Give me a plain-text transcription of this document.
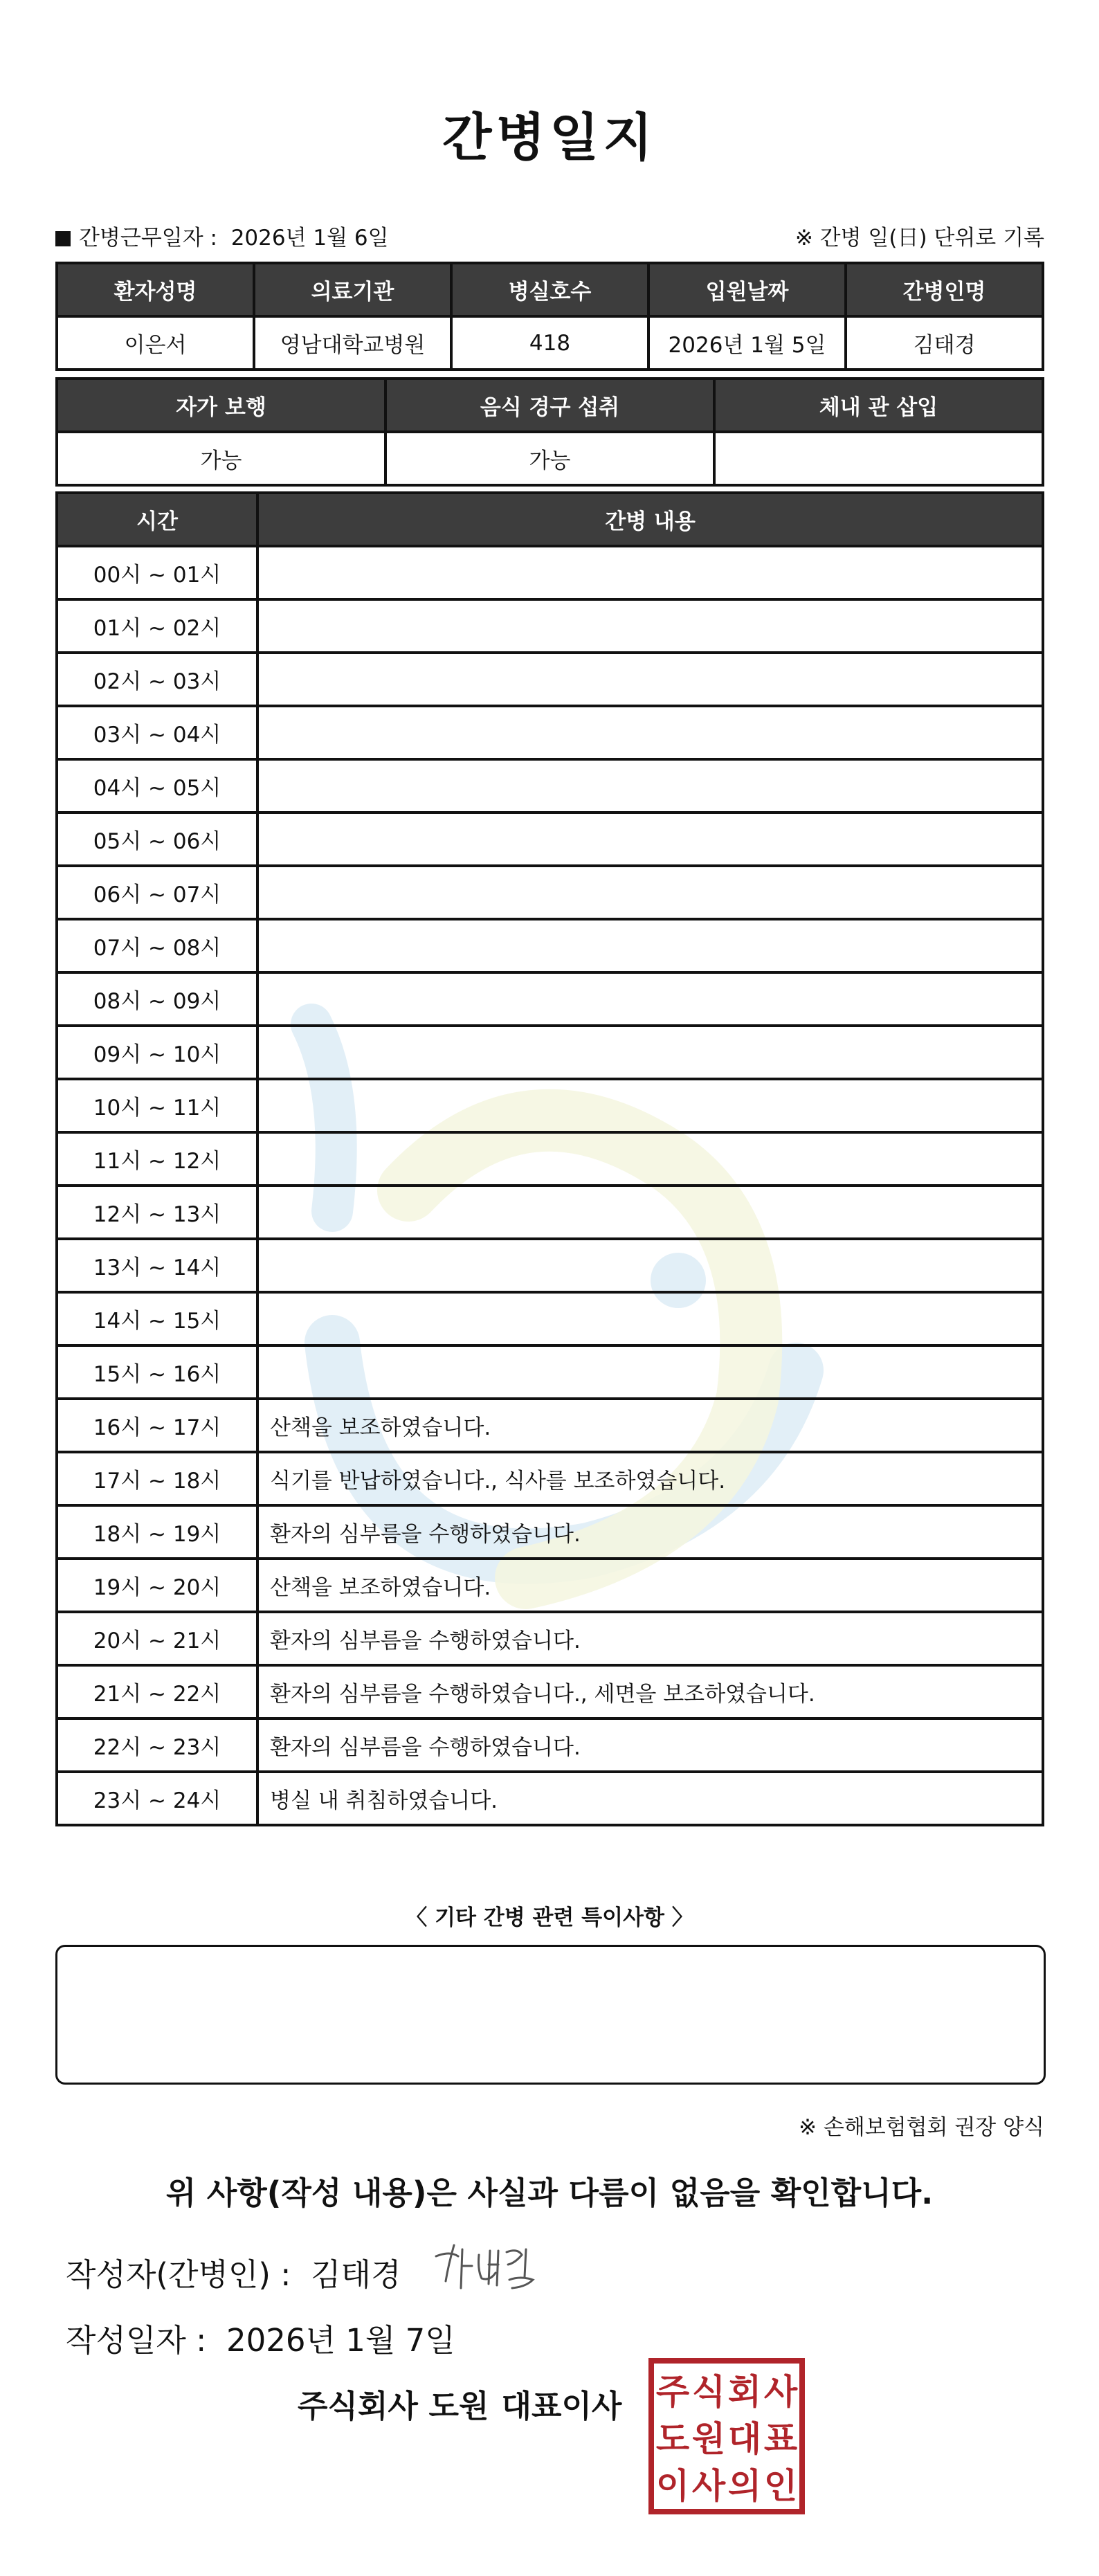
간병일지
간병근무일자 : 2026년 1월 6일	※ 간병 일(日) 단위로 기록
환자성명	의료기관	병실호수	입원날짜	간병인명
이은서	영남대학교병원	418	2026년 1월 5일	김태경
자가 보행	음식 경구 섭취	체내 관 삽입
가능	가능	
시간	간병 내용
00시 ~ 01시	
01시 ~ 02시	
02시 ~ 03시	
03시 ~ 04시	
04시 ~ 05시	
05시 ~ 06시	
06시 ~ 07시	
07시 ~ 08시	
08시 ~ 09시	
09시 ~ 10시	
10시 ~ 11시	
11시 ~ 12시	
12시 ~ 13시	
13시 ~ 14시	
14시 ~ 15시	
15시 ~ 16시	
16시 ~ 17시	산책을 보조하였습니다.
17시 ~ 18시	식기를 반납하였습니다., 식사를 보조하였습니다.
18시 ~ 19시	환자의 심부름을 수행하였습니다.
19시 ~ 20시	산책을 보조하였습니다.
20시 ~ 21시	환자의 심부름을 수행하였습니다.
21시 ~ 22시	환자의 심부름을 수행하였습니다., 세면을 보조하였습니다.
22시 ~ 23시	환자의 심부름을 수행하였습니다.
23시 ~ 24시	병실 내 취침하였습니다.
〈 기타 간병 관련 특이사항 〉
※ 손해보험협회 권장 양식
위 사항(작성 내용)은 사실과 다름이 없음을 확인합니다.
작성자(간병인) : 김태경
작성일자 : 2026년 1월 7일
주식회사 도원 대표이사 주 식 회 사
도 원 대 표
이 사 의 인
